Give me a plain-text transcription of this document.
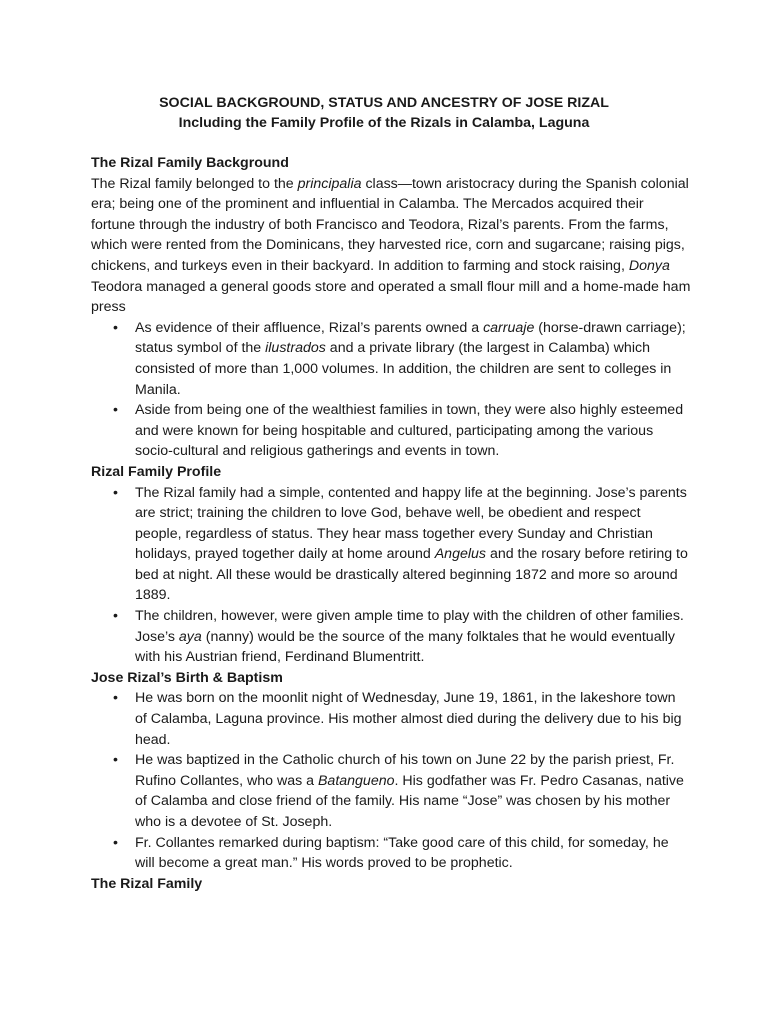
SOCIAL BACKGROUND, STATUS AND ANCESTRY OF JOSE RIZAL
Including the Family Profile of the Rizals in Calamba, Laguna
The Rizal Family Background
The Rizal family belonged to the principalia class—town aristocracy during the Spanish colonial era; being one of the prominent and influential in Calamba. The Mercados acquired their fortune through the industry of both Francisco and Teodora, Rizal’s parents. From the farms, which were rented from the Dominicans, they harvested rice, corn and sugarcane; raising pigs, chickens, and turkeys even in their backyard. In addition to farming and stock raising, Donya Teodora managed a general goods store and operated a small flour mill and a home-made ham press
• As evidence of their affluence, Rizal’s parents owned a carruaje (horse-drawn carriage); status symbol of the ilustrados and a private library (the largest in Calamba) which consisted of more than 1,000 volumes. In addition, the children are sent to colleges in Manila.
• Aside from being one of the wealthiest families in town, they were also highly esteemed and were known for being hospitable and cultured, participating among the various socio-cultural and religious gatherings and events in town.
Rizal Family Profile
• The Rizal family had a simple, contented and happy life at the beginning. Jose’s parents are strict; training the children to love God, behave well, be obedient and respect people, regardless of status. They hear mass together every Sunday and Christian holidays, prayed together daily at home around Angelus and the rosary before retiring to bed at night. All these would be drastically altered beginning 1872 and more so around 1889.
• The children, however, were given ample time to play with the children of other families. Jose’s aya (nanny) would be the source of the many folktales that he would eventually with his Austrian friend, Ferdinand Blumentritt.
Jose Rizal’s Birth & Baptism
• He was born on the moonlit night of Wednesday, June 19, 1861, in the lakeshore town of Calamba, Laguna province. His mother almost died during the delivery due to his big head.
• He was baptized in the Catholic church of his town on June 22 by the parish priest, Fr. Rufino Collantes, who was a Batangueno. His godfather was Fr. Pedro Casanas, native of Calamba and close friend of the family. His name “Jose” was chosen by his mother who is a devotee of St. Joseph.
• Fr. Collantes remarked during baptism: “Take good care of this child, for someday, he will become a great man.” His words proved to be prophetic.
The Rizal Family
